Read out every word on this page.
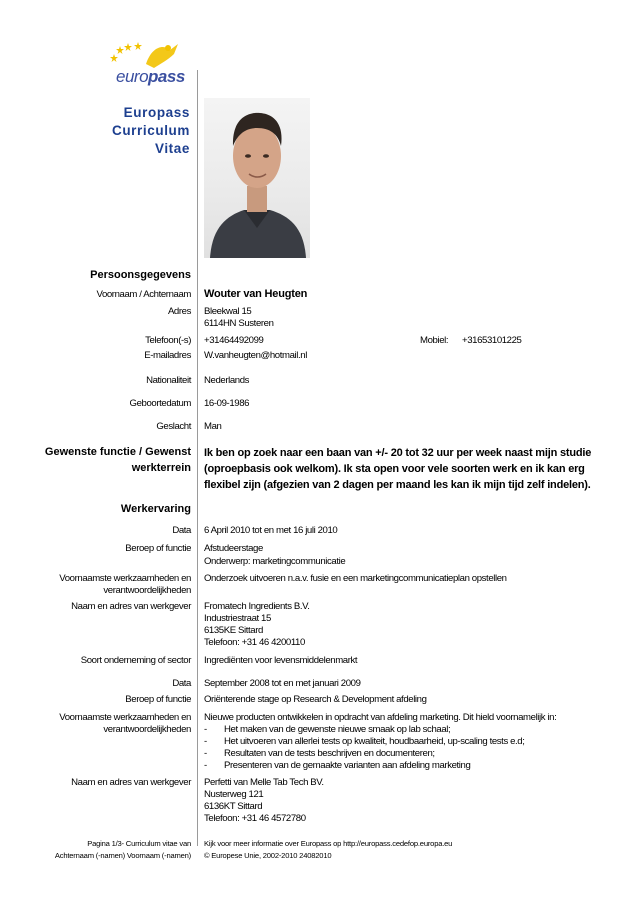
europass
Europass Curriculum
Vitae
Persoonsgegevens
Voornaam / Achternaam Wouter van Heugten
Adres Bleekwal 15
6114HN Susteren
Telefoon(-s) +31464492099	Mobiel: +31653101225
E-mailadres W.vanheugten@hotmail.nl
Nationaliteit Nederlands
Geboortedatum 16-09-1986
Geslacht Man
Gewenste functie / Gewenst
werkterrein
Ik ben op zoek naar een baan van +/- 20 tot 32 uur per week naast mijn studie
(oproepbasis ook welkom). Ik sta open voor vele soorten werk en ik kan erg
flexibel zijn (afgezien van 2 dagen per maand les kan ik mijn tijd zelf indelen).
Werkervaring
Data 6 April 2010 tot en met 16 juli 2010
Beroep of functie Afstudeerstage
Onderwerp: marketingcommunicatie
Voornaamste werkzaamheden en
verantwoordelijkheden
Onderzoek uitvoeren n.a.v. fusie en een marketingcommunicatieplan opstellen
Naam en adres van werkgever Fromatech Ingredients B.V.
Industriestraat 15
6135KE Sittard
Telefoon: +31 46 4200110
Soort onderneming of sector Ingrediënten voor levensmiddelenmarkt
Data September 2008 tot en met januari 2009
Beroep of functie Oriënterende stage op Research & Development afdeling
Voornaamste werkzaamheden en
verantwoordelijkheden
Nieuwe producten ontwikkelen in opdracht van afdeling marketing. Dit hield voornamelijk in:
- Het maken van de gewenste nieuwe smaak op lab schaal;
- Het uitvoeren van allerlei tests op kwaliteit, houdbaarheid, up-scaling tests e.d;
- Resultaten van de tests beschrijven en documenteren;
- Presenteren van de gemaakte varianten aan afdeling marketing
Naam en adres van werkgever Perfetti van Melle Tab Tech BV.
Nusterweg 121
6136KT Sittard
Telefoon: +31 46 4572780
Pagina 1/3- Curriculum vitae van
Achternaam (-namen) Voornaam (-namen)
Kijk voor meer informatie over Europass op http://europass.cedefop.europa.eu
© Europese Unie, 2002-2010 24082010
